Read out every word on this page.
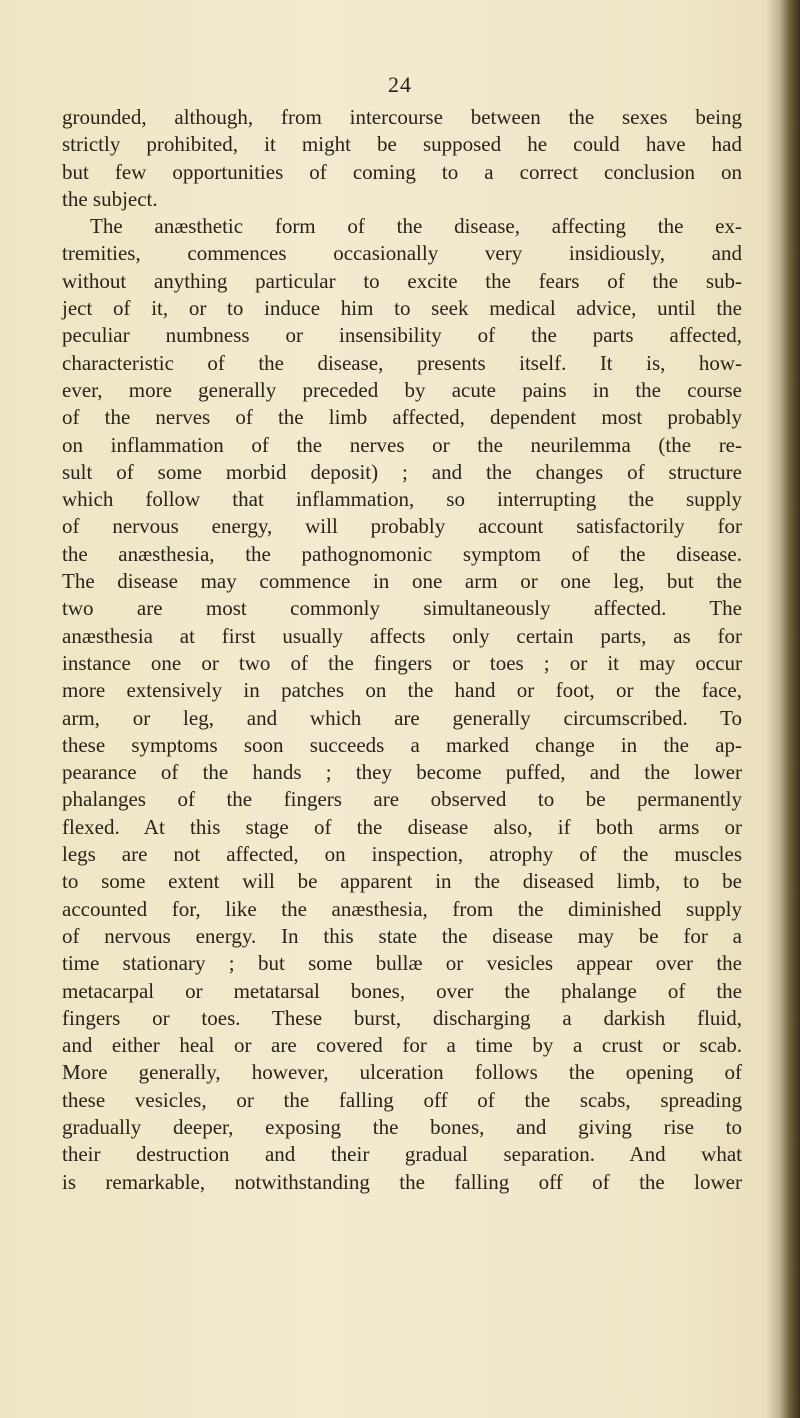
24
grounded, although, from intercourse between the sexes being
strictly prohibited, it might be supposed he could have had
but few opportunities of coming to a correct conclusion on
the subject.
The anæsthetic form of the disease, affecting the ex-
tremities, commences occasionally very insidiously, and
without anything particular to excite the fears of the sub-
ject of it, or to induce him to seek medical advice, until the
peculiar numbness or insensibility of the parts affected,
characteristic of the disease, presents itself. It is, how-
ever, more generally preceded by acute pains in the course
of the nerves of the limb affected, dependent most probably
on inflammation of the nerves or the neurilemma (the re-
sult of some morbid deposit) ; and the changes of structure
which follow that inflammation, so interrupting the supply
of nervous energy, will probably account satisfactorily for
the anæsthesia, the pathognomonic symptom of the disease.
The disease may commence in one arm or one leg, but the
two are most commonly simultaneously affected. The
anæsthesia at first usually affects only certain parts, as for
instance one or two of the fingers or toes ; or it may occur
more extensively in patches on the hand or foot, or the face,
arm, or leg, and which are generally circumscribed. To
these symptoms soon succeeds a marked change in the ap-
pearance of the hands ; they become puffed, and the lower
phalanges of the fingers are observed to be permanently
flexed. At this stage of the disease also, if both arms or
legs are not affected, on inspection, atrophy of the muscles
to some extent will be apparent in the diseased limb, to be
accounted for, like the anæsthesia, from the diminished supply
of nervous energy. In this state the disease may be for a
time stationary ; but some bullæ or vesicles appear over the
metacarpal or metatarsal bones, over the phalange of the
fingers or toes. These burst, discharging a darkish fluid,
and either heal or are covered for a time by a crust or scab.
More generally, however, ulceration follows the opening of
these vesicles, or the falling off of the scabs, spreading
gradually deeper, exposing the bones, and giving rise to
their destruction and their gradual separation. And what
is remarkable, notwithstanding the falling off of the lower
